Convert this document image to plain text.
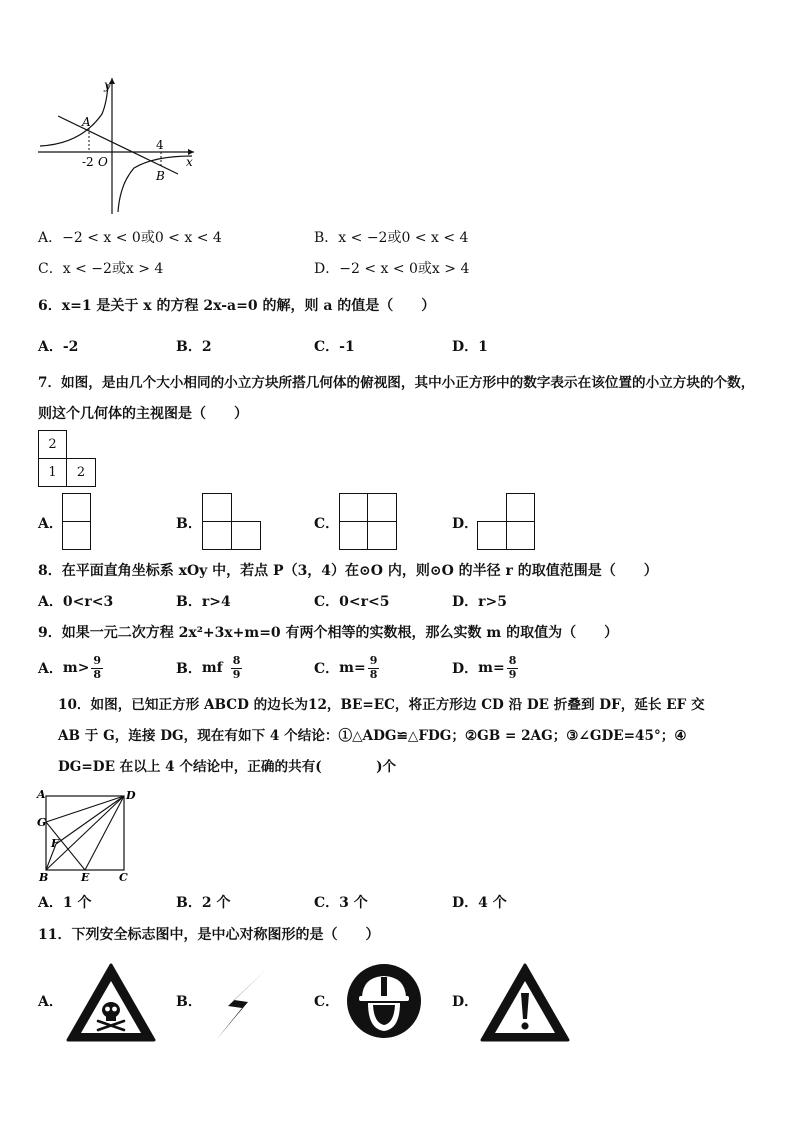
y
x
A
B
-2 O
4
A．−2 < x < 0或0 < x < 4	B．x < −2或0 < x < 4
C．x < −2或x > 4	D．−2 < x < 0或x > 4
6．x=1 是关于 x 的方程 2x-a=0 的解，则 a 的值是（　　）
A．-2	B．2	C．-1	D．1
7．如图，是由几个大小相同的小立方块所搭几何体的俯视图，其中小正方形中的数字表示在该位置的小立方块的个数，
则这个几何体的主视图是（　　）
2
1	2
A．	B．	C．	D．
8．在平面直角坐标系 xOy 中，若点 P（3，4）在⊙O 内，则⊙O 的半径 r 的取值范围是（　　）
A．0<r<3	B．r>4	C．0<r<5	D．r>5
9．如果一元二次方程 2x²+3x+m=0 有两个相等的实数根，那么实数 m 的取值为（　　）
A． $m> \frac{9}{8}$	B． mf $\frac{8}{9}$	C． $m= \frac{9}{8}$	D． $m= \frac{8}{9}$
10．如图，已知正方形 ABCD 的边长为12，BE=EC，将正方形边 CD 沿 DE 折叠到 DF，延长 EF 交
AB 于 G，连接 DG，现在有如下 4 个结论：①△ADG≌△FDG；②GB = 2AG；③∠GDE=45°；④
DG=DE 在以上 4 个结论中，正确的共有(　　　　)个
A	D
G
F
B	E	C
A．1 个	B．2 个	C．3 个	D．4 个
11．下列安全标志图中，是中心对称图形的是（　　）
A．	B．	C．	D．
